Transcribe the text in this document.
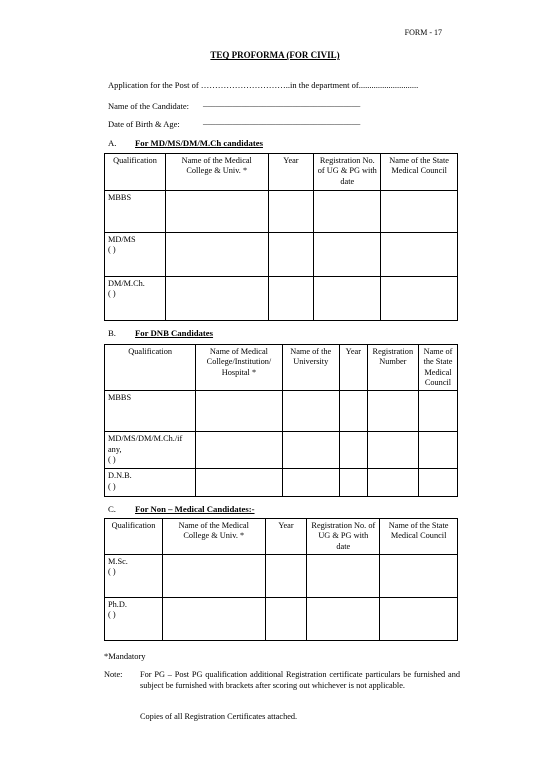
FORM - 17
TEQ PROFORMA (FOR CIVIL)
Application for the Post of …………………………..in the department of............................
Name of the Candidate: _____________________________________
Date of Birth & Age:	_____________________________________
A. For MD/MS/DM/M.Ch candidates
Qualification	Name of the Medical College & Univ. *	Year	Registration No. of UG & PG with date	Name of the State Medical Council

MBBS				

MD/MS
( )				

DM/M.Ch.
( )				

B. For DNB Candidates
Qualification	Name of Medical College/Institution/ Hospital *	Name of the University	Year	Registration Number	Name of the State Medical Council

MBBS					

MD/MS/DM/M.Ch./if any,
( )					

D.N.B.
( )					

C. For Non – Medical Candidates:-
Qualification	Name of the Medical College & Univ. *	Year	Registration No. of UG & PG with date	Name of the State Medical Council

M.Sc.
( )				

Ph.D.
( )				

*Mandatory
Note: For PG – Post PG qualification additional Registration certificate particulars be furnished and subject be furnished with brackets after scoring out whichever is not applicable.
Copies of all Registration Certificates attached.
